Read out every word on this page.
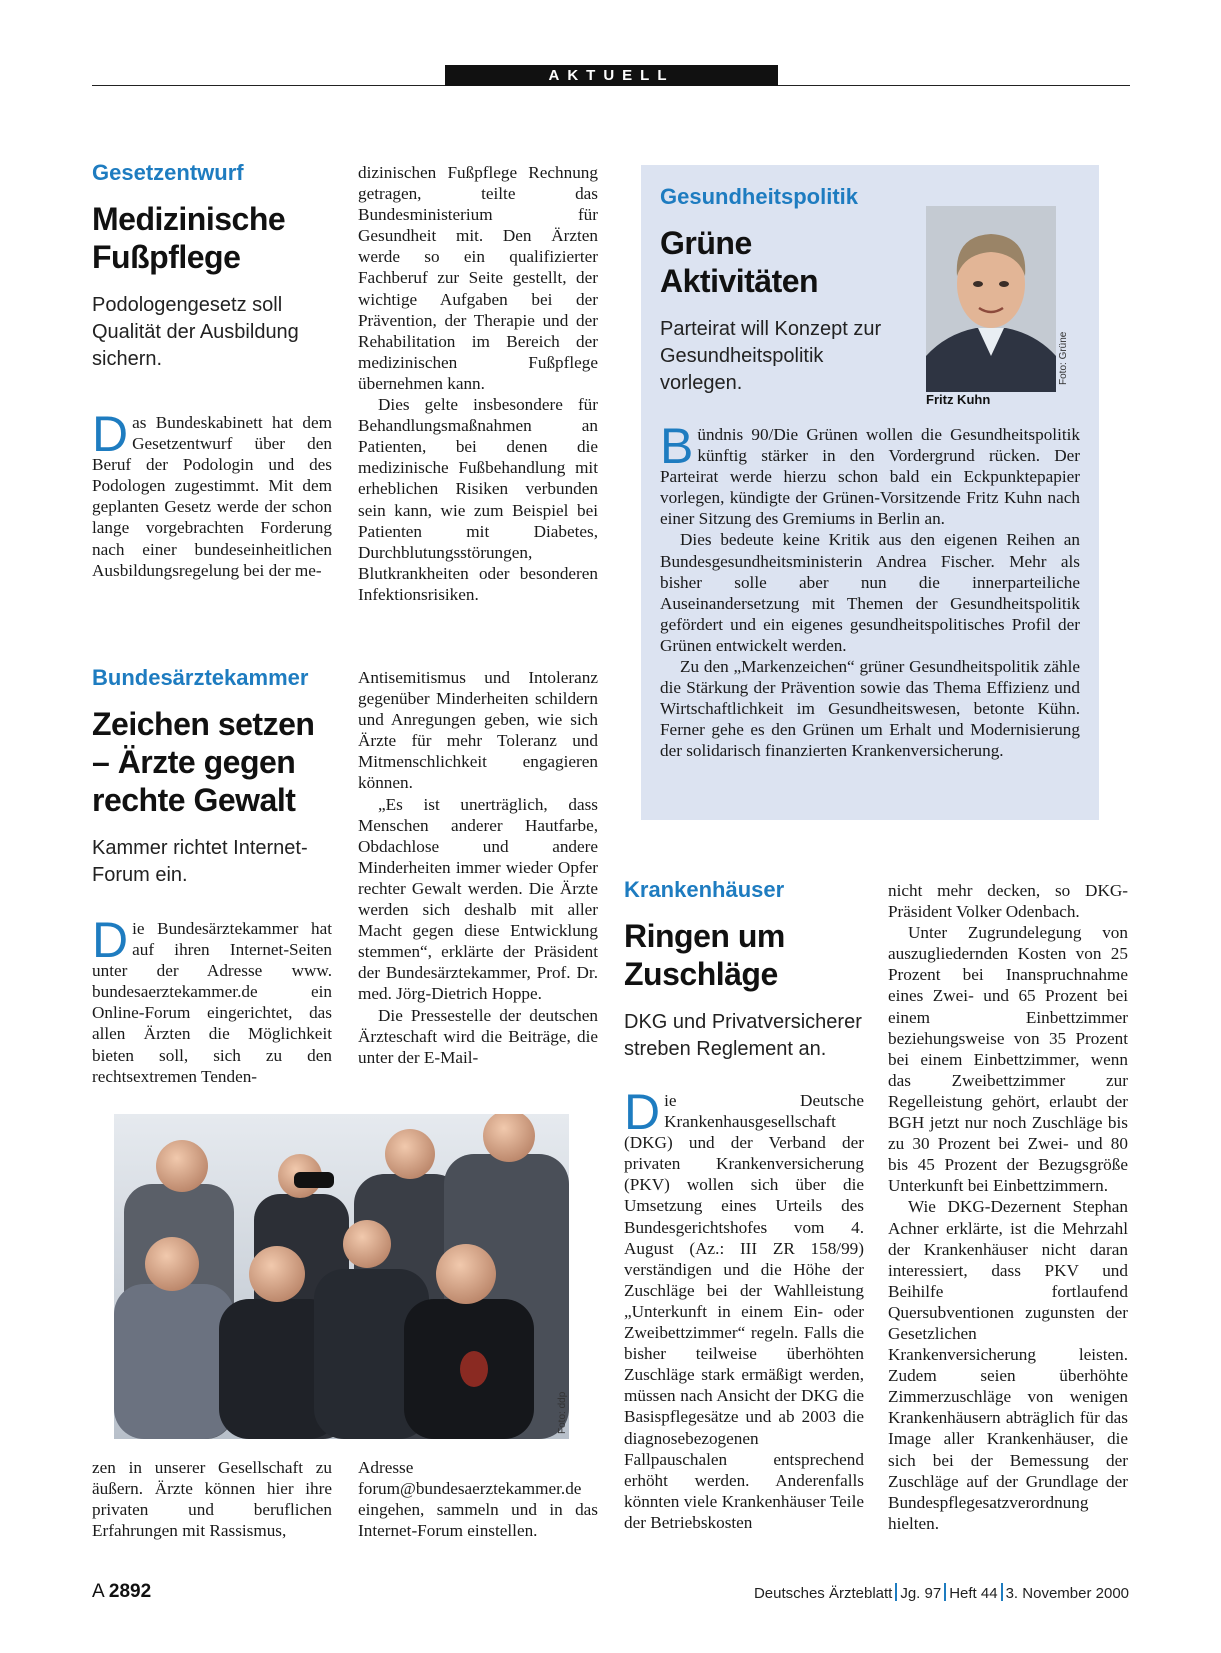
AKTUELL
Gesetzentwurf
Medizinische Fußpflege
Podologengesetz soll Qualität der Ausbildung sichern.

Das Bundeskabinett hat dem Gesetzentwurf über den Beruf der Podologin und des Podologen zugestimmt. Mit dem geplanten Gesetz werde der schon lange vorgebrachten Forderung nach einer bundeseinheitlichen Ausbildungsregelung bei der me-

dizinischen Fußpflege Rechnung getragen, teilte das Bundesministerium für Gesundheit mit. Den Ärzten werde so ein qualifizierter Fachberuf zur Seite gestellt, der wichtige Aufgaben bei der Prävention, der Therapie und der Rehabilitation im Bereich der medizinischen Fußpflege übernehmen kann.

Dies gelte insbesondere für Behandlungsmaßnahmen an Patienten, bei denen die medizinische Fußbehandlung mit erheblichen Risiken verbunden sein kann, wie zum Beispiel bei Patienten mit Diabetes, Durchblutungsstörungen, Blutkrankheiten oder besonderen Infektionsrisiken.

Bundesärztekammer
Zeichen setzen – Ärzte gegen rechte Gewalt
Kammer richtet Internet-Forum ein.

Die Bundesärztekammer hat auf ihren Internet-Seiten unter der Adresse www. bundesaerztekammer.de ein Online-Forum eingerichtet, das allen Ärzten die Möglichkeit bieten soll, sich zu den rechtsextremen Tenden-

Antisemitismus und Intoleranz gegenüber Minderheiten schildern und Anregungen geben, wie sich Ärzte für mehr Toleranz und Mitmenschlichkeit engagieren können.

„Es ist unerträglich, dass Menschen anderer Hautfarbe, Obdachlose und andere Minderheiten immer wieder Opfer rechter Gewalt werden. Die Ärzte werden sich deshalb mit aller Macht gegen diese Entwicklung stemmen“, erklärte der Präsident der Bundesärztekammer, Prof. Dr. med. Jörg-Dietrich Hoppe.

Die Pressestelle der deutschen Ärzteschaft wird die Beiträge, die unter der E-Mail-

Foto: ddp

zen in unserer Gesellschaft zu äußern. Ärzte können hier ihre privaten und beruflichen Erfahrungen mit Rassismus,

Adresse forum@bundesaerztekammer.de eingehen, sammeln und in das Internet-Forum einstellen.

Gesundheitspolitik
Grüne Aktivitäten
Parteirat will Konzept zur Gesundheitspolitik vorlegen.	Foto: Grüne
Fritz Kuhn

Bündnis 90/Die Grünen wollen die Gesundheitspolitik künftig stärker in den Vordergrund rücken. Der Parteirat werde hierzu schon bald ein Eckpunktepapier vorlegen, kündigte der Grünen-Vorsitzende Fritz Kuhn nach einer Sitzung des Gremiums in Berlin an.

Dies bedeute keine Kritik aus den eigenen Reihen an Bundesgesundheitsministerin Andrea Fischer. Mehr als bisher solle aber nun die innerparteiliche Auseinandersetzung mit Themen der Gesundheitspolitik gefördert und ein eigenes gesundheitspolitisches Profil der Grünen entwickelt werden.

Zu den „Markenzeichen“ grüner Gesundheitspolitik zähle die Stärkung der Prävention sowie das Thema Effizienz und Wirtschaftlichkeit im Gesundheitswesen, betonte Kühn. Ferner gehe es den Grünen um Erhalt und Modernisierung der solidarisch finanzierten Krankenversicherung.

Krankenhäuser
Ringen um Zuschläge
DKG und Privatversicherer streben Reglement an.

Die Deutsche Krankenhausgesellschaft (DKG) und der Verband der privaten Krankenversicherung (PKV) wollen sich über die Umsetzung eines Urteils des Bundesgerichtshofes vom 4. August (Az.: III ZR 158/99) verständigen und die Höhe der Zuschläge bei der Wahlleistung „Unterkunft in einem Ein- oder Zweibettzimmer“ regeln. Falls die bisher teilweise überhöhten Zuschläge stark ermäßigt werden, müssen nach Ansicht der DKG die Basispflegesätze und ab 2003 die diagnosebezogenen Fallpauschalen entsprechend erhöht werden. Anderenfalls könnten viele Krankenhäuser Teile der Betriebskosten

nicht mehr decken, so DKG-Präsident Volker Odenbach.

Unter Zugrundelegung von auszugliedernden Kosten von 25 Prozent bei Inanspruchnahme eines Zwei- und 65 Prozent bei einem Einbettzimmer beziehungsweise von 35 Prozent bei einem Einbettzimmer, wenn das Zweibettzimmer zur Regelleistung gehört, erlaubt der BGH jetzt nur noch Zuschläge bis zu 30 Prozent bei Zwei- und 80 bis 45 Prozent der Bezugsgröße Unterkunft bei Einbettzimmern.

Wie DKG-Dezernent Stephan Achner erklärte, ist die Mehrzahl der Krankenhäuser nicht daran interessiert, dass PKV und Beihilfe fortlaufend Quersubventionen zugunsten der Gesetzlichen Krankenversicherung leisten. Zudem seien überhöhte Zimmerzuschläge von wenigen Krankenhäusern abträglich für das Image aller Krankenhäuser, die sich bei der Bemessung der Zuschläge auf der Grundlage der Bundespflegesatzverordnung hielten.

A 2892	Deutsches Ärzteblatt Jg. 97 Heft 44 3. November 2000
